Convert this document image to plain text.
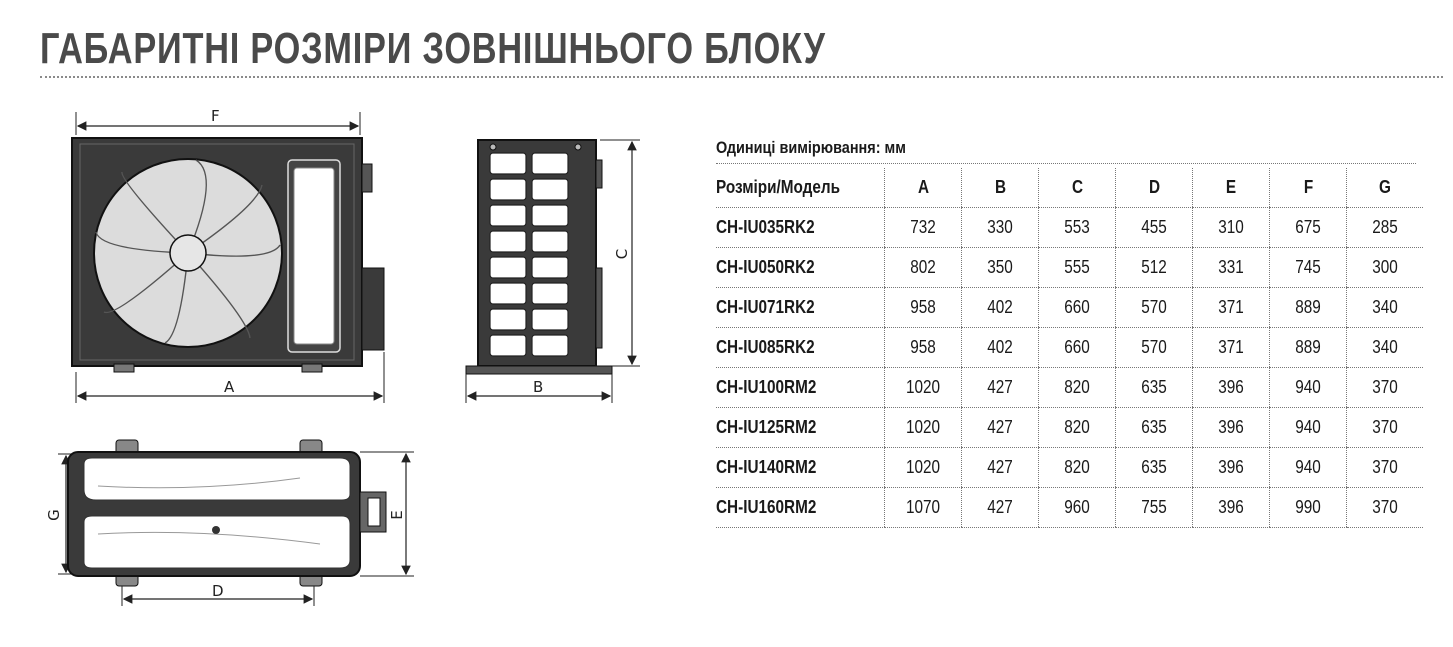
ГАБАРИТНІ РОЗМІРИ ЗОВНІШНЬОГО БЛОКУ
F
A
C
B
G	E
D
Одиниці вимірювання: мм
Розміри/Модель	A	B	C	D	E	F	G
CH-IU035RK2	732	330	553	455	310	675	285
CH-IU050RK2	802	350	555	512	331	745	300
CH-IU071RK2	958	402	660	570	371	889	340
CH-IU085RK2	958	402	660	570	371	889	340
CH-IU100RM2	1020	427	820	635	396	940	370
CH-IU125RM2	1020	427	820	635	396	940	370
CH-IU140RM2	1020	427	820	635	396	940	370
CH-IU160RM2	1070	427	960	755	396	990	370
